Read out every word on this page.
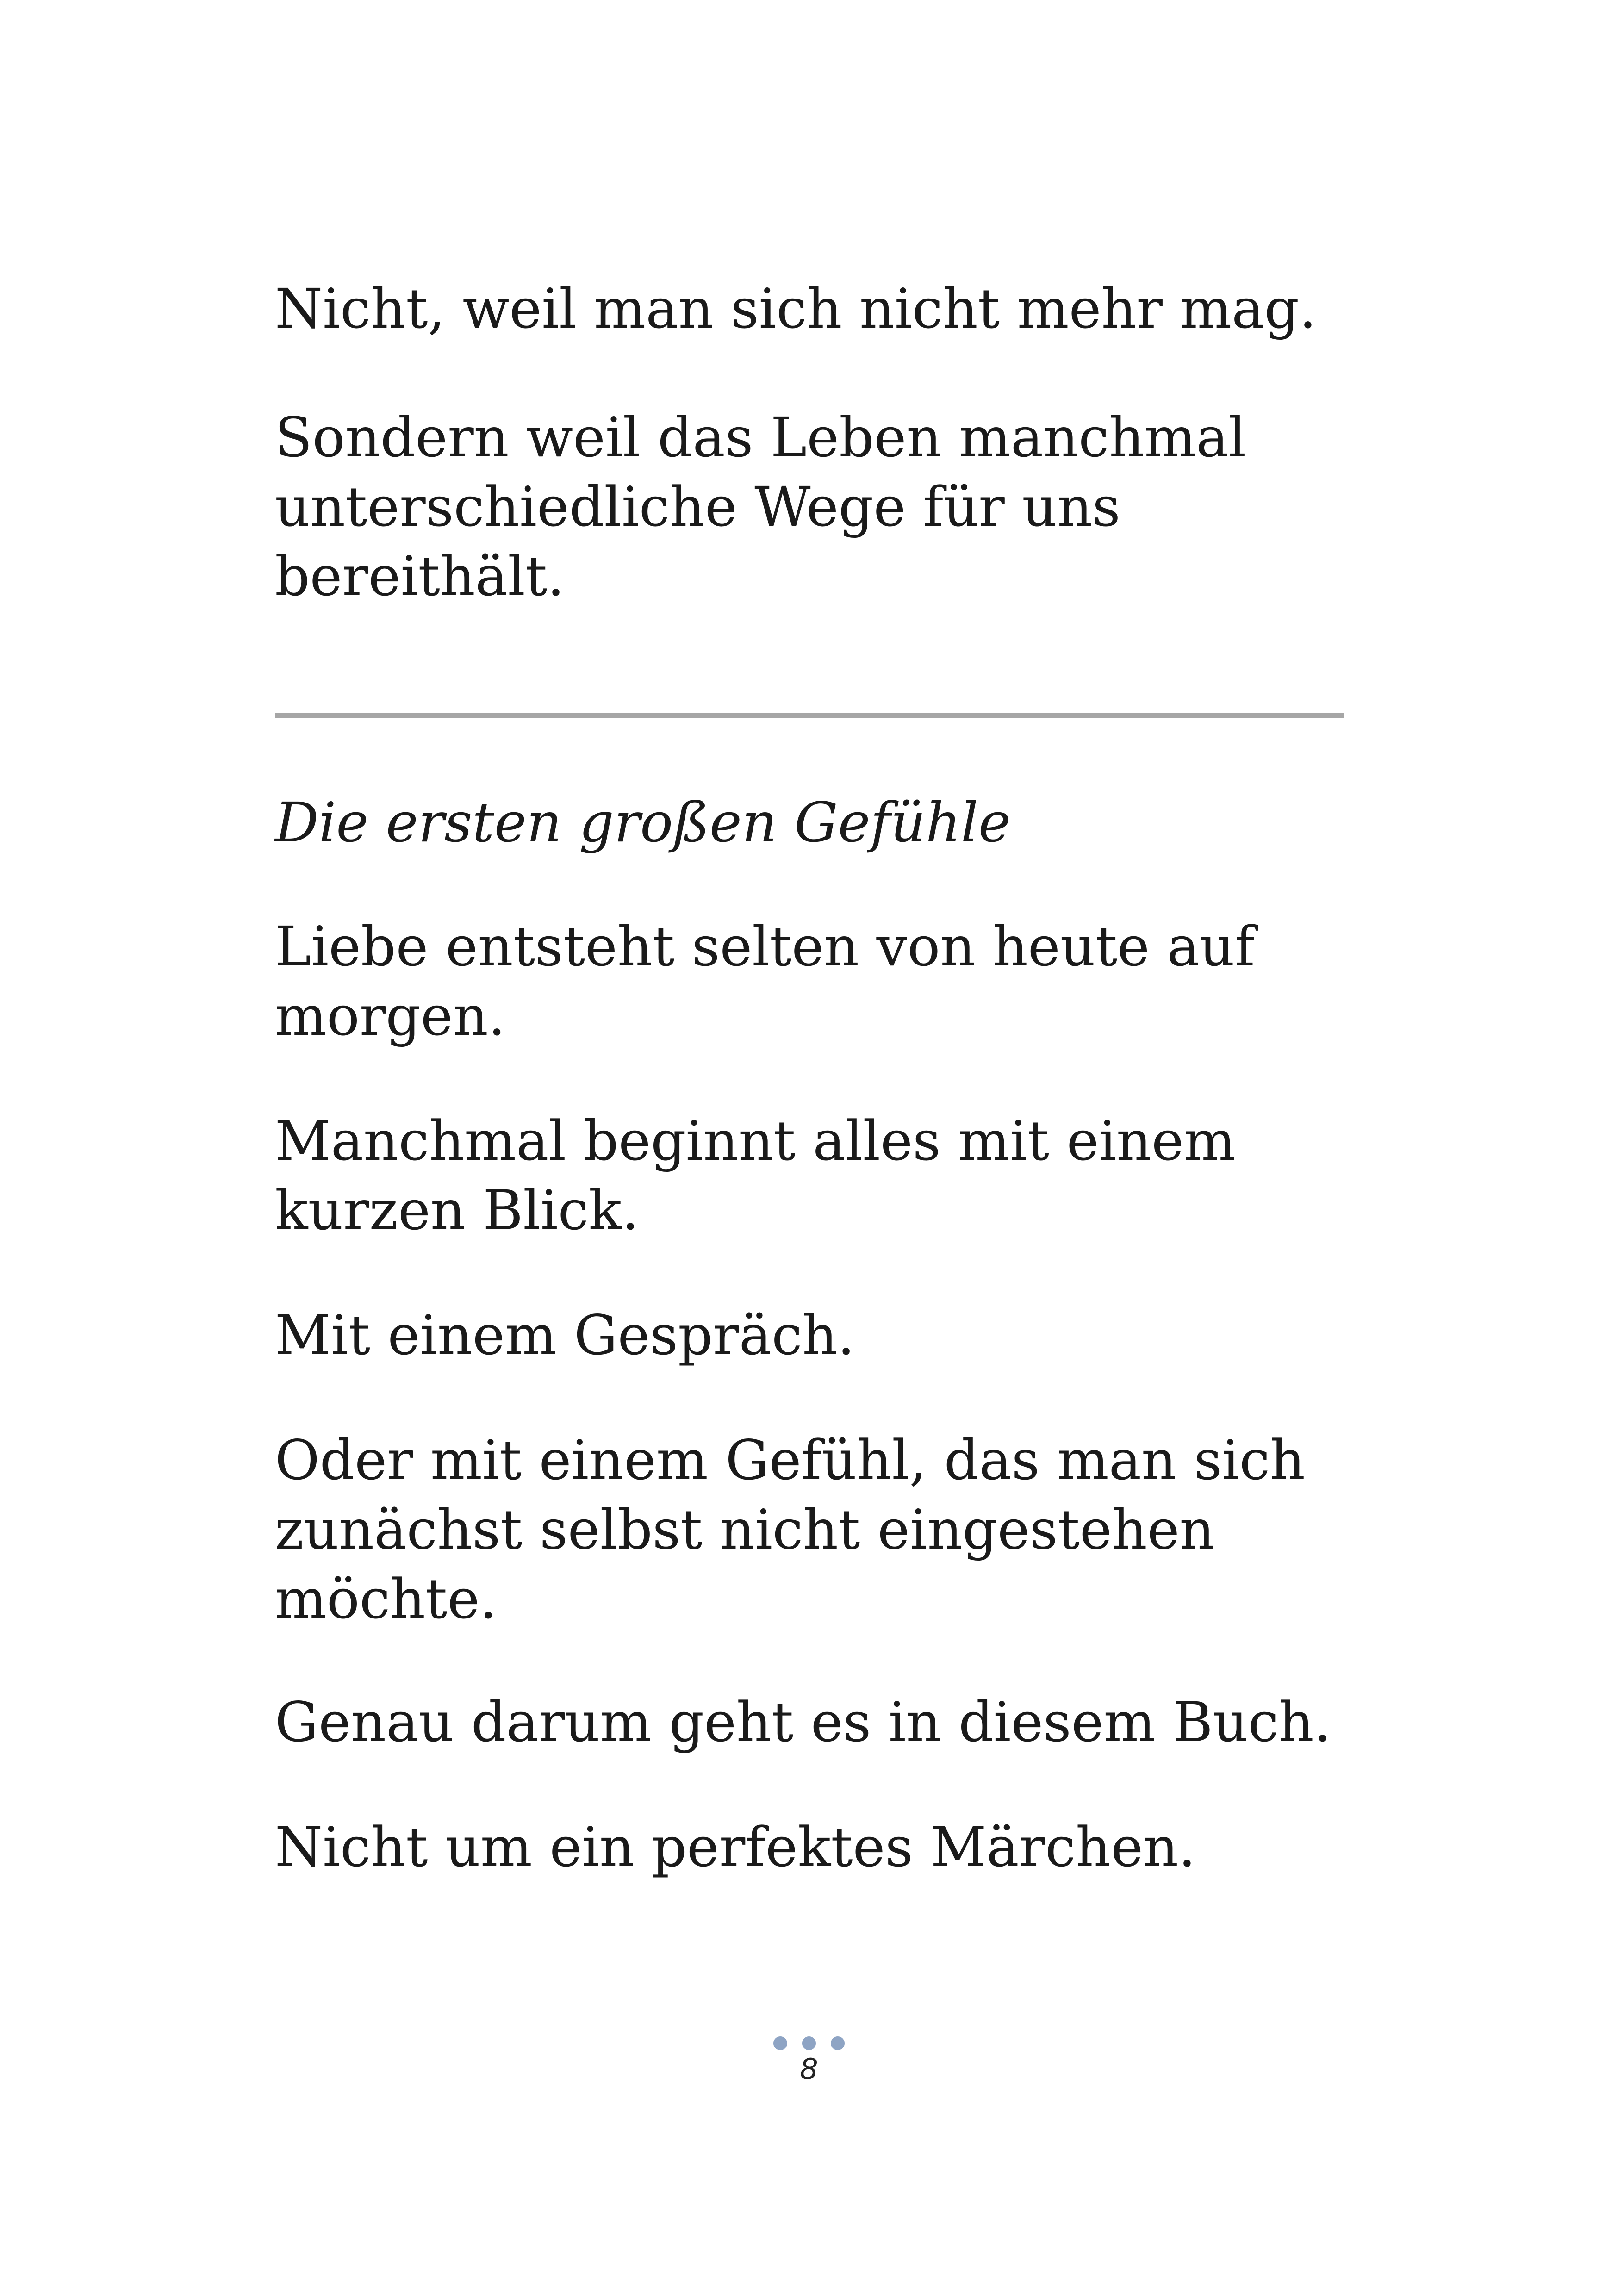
Nicht, weil man sich nicht mehr mag.

Sondern weil das Leben manchmal
unterschiedliche Wege für uns
bereithält.

Die ersten großen Gefühle

Liebe entsteht selten von heute auf
morgen.

Manchmal beginnt alles mit einem
kurzen Blick.

Mit einem Gespräch.

Oder mit einem Gefühl, das man sich
zunächst selbst nicht eingestehen
möchte.

Genau darum geht es in diesem Buch.

Nicht um ein perfektes Märchen.

8
